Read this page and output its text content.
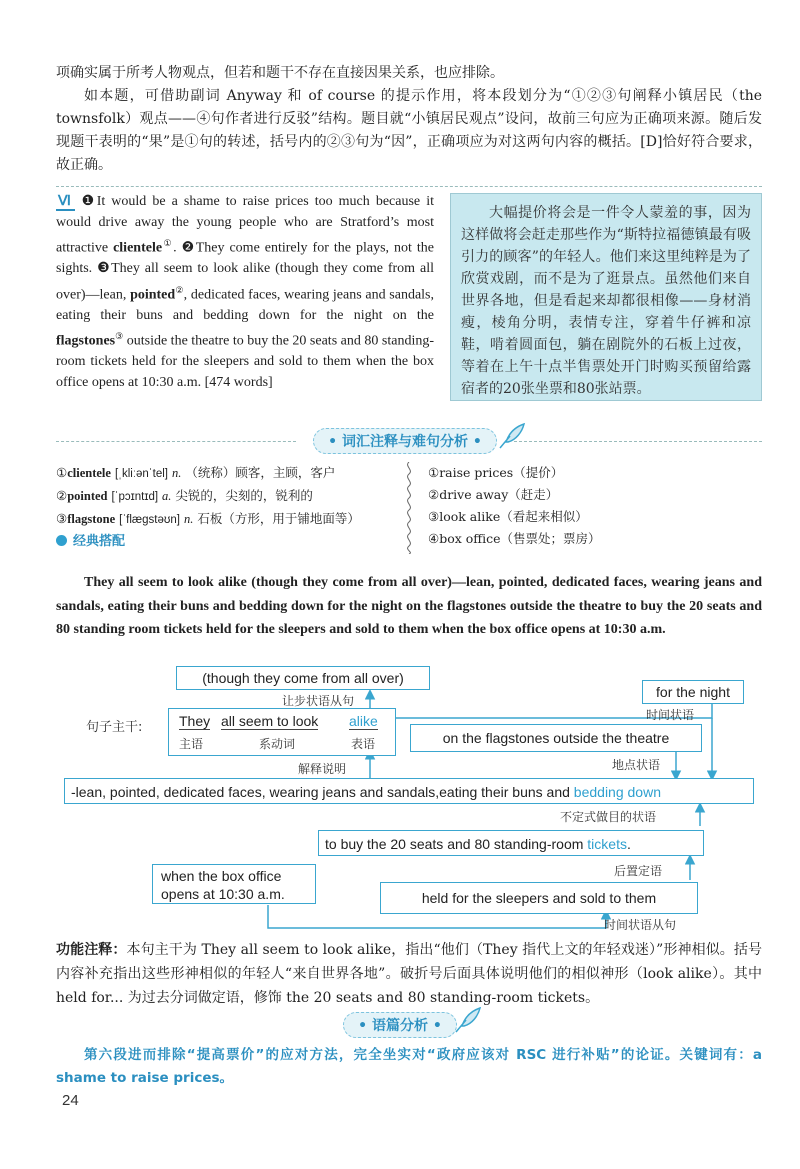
项确实属于所考人物观点，但若和题干不存在直接因果关系，也应排除。
如本题，可借助副词 Anyway 和 of course 的提示作用，将本段划分为“①②③句阐释小镇居民（the townsfolk）观点——④句作者进行反驳”结构。题目就“小镇居民观点”设问，故前三句应为正确项来源。随后发现题干表明的“果”是①句的转述，括号内的②③句为“因”，正确项应为对这两句内容的概括。[D]恰好符合要求，故正确。
Ⅵ ❶It would be a shame to raise prices too much because it would drive away the young people who are Stratford’s most attractive clientele①. ❷They come entirely for the plays, not the sights. ❸They all seem to look alike (though they come from all over)—lean, pointed②, dedicated faces, wearing jeans and sandals, eating their buns and bedding down for the night on the flagstones③ outside the theatre to buy the 20 seats and 80 standing-room tickets held for the sleepers and sold to them when the box office opens at 10:30 a.m. [474 words]

大幅提价将会是一件令人蒙羞的事，因为这样做将会赶走那些作为“斯特拉福德镇最有吸引力的顾客”的年轻人。他们来这里纯粹是为了欣赏戏剧，而不是为了逛景点。虽然他们来自世界各地，但是看起来却都很相像——身材消瘦，棱角分明，表情专注，穿着牛仔裤和凉鞋，啃着圆面包，躺在剧院外的石板上过夜，等着在上午十点半售票处开门时购买预留给露宿者的20张坐票和80张站票。

• 词汇注释与难句分析 •
①clientele [ˌkliːənˈtel] n. （统称）顾客，主顾，客户
②pointed [ˈpɔɪntɪd] a. 尖锐的，尖刻的，锐利的
③flagstone [ˈflæɡstəʊn] n. 石板（方形，用于铺地面等）
经典搭配
①raise prices（提价）
②drive away（赶走）
③look alike（看起来相似）
④box office（售票处；票房）
They all seem to look alike (though they come from all over)—lean, pointed, dedicated faces, wearing jeans and sandals, eating their buns and bedding down for the night on the flagstones outside the theatre to buy the 20 seats and 80 standing room tickets held for the sleepers and sold to them when the box office opens at 10:30 a.m.
(though they come from all over)
让步状语从句
句子主干:	They all seem to look alike
主语	系动词	表语
for the night
时间状语
on the flagstones outside the theatre
地点状语
解释说明
-lean, pointed, dedicated faces, wearing jeans and sandals,eating their buns and bedding down
不定式做目的状语
to buy the 20 seats and 80 standing-room tickets.
后置定语
when the box office opens at 10:30 a.m.	held for the sleepers and sold to them
时间状语从句
功能注释：本句主干为 They all seem to look alike，指出“他们（They 指代上文的年轻戏迷）”形神相似。括号内容补充指出这些形神相似的年轻人“来自世界各地”。破折号后面具体说明他们的相似神形（look alike）。其中 held for... 为过去分词做定语，修饰 the 20 seats and 80 standing-room tickets。
• 语篇分析 •
第六段进而排除“提高票价”的应对方法，完全坐实对“政府应该对 RSC 进行补贴”的论证。关键词有：a shame to raise prices。
24
